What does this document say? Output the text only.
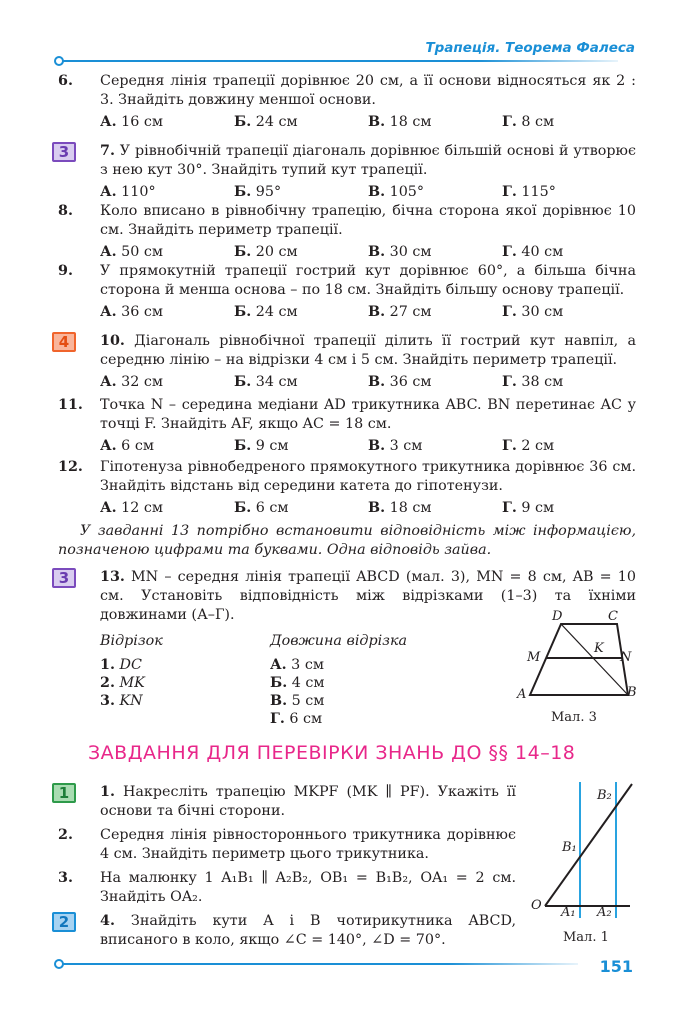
Трапеція. Теорема Фалеса
6. Середня лінія трапеції дорівнює 20 см, а її основи відносяться як 2 : 3. Знайдіть довжину меншої основи.
А. 16 см	Б. 24 см	В. 18 см	Г. 8 см
3	7. У рівнобічній трапеції діагональ дорівнює більшій основі й утворює з нею кут 30°. Знайдіть тупий кут трапеції.
А. 110°	Б. 95°	В. 105°	Г. 115°
8. Коло вписано в рівнобічну трапецію, бічна сторона якої дорівнює 10 см. Знайдіть периметр трапеції.
А. 50 см	Б. 20 см	В. 30 см	Г. 40 см
9. У прямокутній трапеції гострий кут дорівнює 60°, а більша бічна сторона й менша основа – по 18 см. Знайдіть більшу основу трапеції.
А. 36 см	Б. 24 см	В. 27 см	Г. 30 см
4	10. Діагональ рівнобічної трапеції ділить її гострий кут навпіл, а середню лінію – на відрізки 4 см і 5 см. Знайдіть периметр трапеції.
А. 32 см	Б. 34 см	В. 36 см	Г. 38 см
11. Точка N – середина медіани AD трикутника ABC. BN перетинає AC у точці F. Знайдіть AF, якщо AC = 18 см.
А. 6 см	Б. 9 см	В. 3 см	Г. 2 см
12. Гіпотенуза рівнобедреного прямокутного трикутника дорівнює 36 см. Знайдіть відстань від середини катета до гіпотенузи.
А. 12 см	Б. 6 см	В. 18 см	Г. 9 см
У завданні 13 потрібно встановити відповідність між інформацією, позначеною цифрами та буквами. Одна відповідь зайва.
3	13. MN – середня лінія трапеції ABCD (мал. 3), MN = 8 см, AB = 10 см. Установіть відповідність між відрізками (1–3) та їхніми довжинами (А–Г).
Відрізок
1. DC
2. MK
3. KN
Довжина відрізка
А. 3 см
Б. 4 см
В. 5 см
Г. 6 см
D	C
M
K
N
A	B
Мал. 3
ЗАВДАННЯ ДЛЯ ПЕРЕВІРКИ ЗНАНЬ ДО §§ 14–18
1	1. Накресліть трапецію MKPF (MK ∥ PF). Укажіть її основи та бічні сторони.
2. Середня лінія рівностороннього трикутника дорівнює 4 см. Знайдіть периметр цього трикутника.
3. На малюнку 1 A₁B₁ ∥ A₂B₂, OB₁ = B₁B₂, OA₁ = 2 см. Знайдіть OA₂.
2	4. Знайдіть кути A і B чотирикутника ABCD, вписаного в коло, якщо ∠C = 140°, ∠D = 70°.
B₂
B₁
O A₁ A₂
Мал. 1
151
